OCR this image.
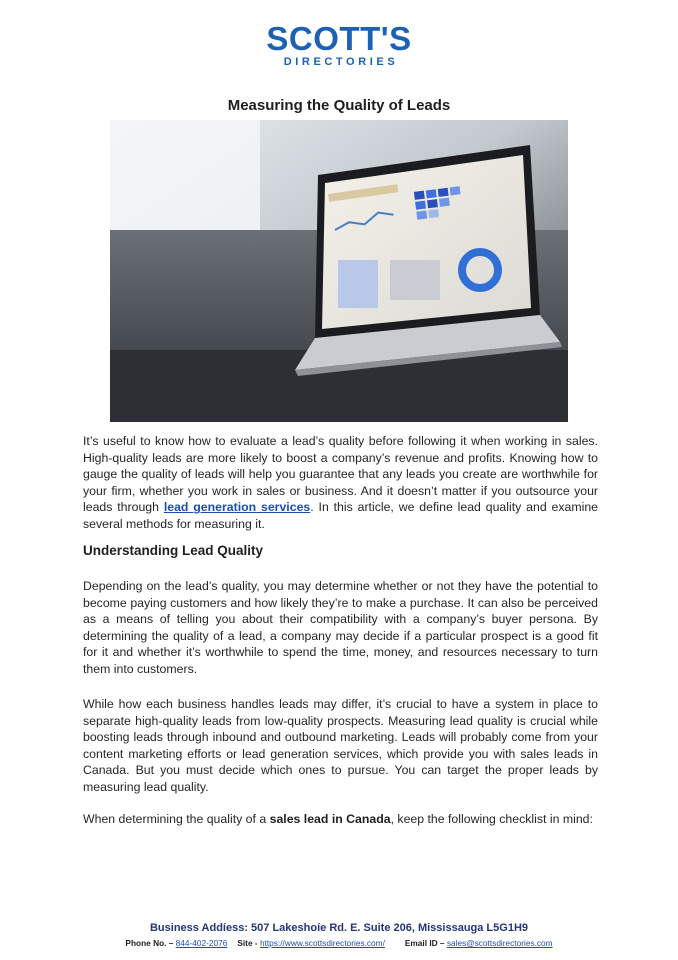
SCOTT'S
DIRECTORIES
Measuring the Quality of Leads
It’s useful to know how to evaluate a lead’s quality before following it when working in sales. High-quality leads are more likely to boost a company’s revenue and profits. Knowing how to gauge the quality of leads will help you guarantee that any leads you create are worthwhile for your firm, whether you work in sales or business. And it doesn’t matter if you outsource your leads through lead generation services. In this article, we define lead quality and examine several methods for measuring it.
Understanding Lead Quality
Depending on the lead’s quality, you may determine whether or not they have the potential to become paying customers and how likely they’re to make a purchase. It can also be perceived as a means of telling you about their compatibility with a company’s buyer persona. By determining the quality of a lead, a company may decide if a particular prospect is a good fit for it and whether it’s worthwhile to spend the time, money, and resources necessary to turn them into customers.
While how each business handles leads may differ, it’s crucial to have a system in place to separate high-quality leads from low-quality prospects. Measuring lead quality is crucial while boosting leads through inbound and outbound marketing. Leads will probably come from your content marketing efforts or lead generation services, which provide you with sales leads in Canada. But you must decide which ones to pursue. You can target the proper leads by measuring lead quality.
When determining the quality of a sales lead in Canada, keep the following checklist in mind:
Business Addíess: 507 Lakeshoíe Rd. E. Suite 206, Mississauga L5G1H9
Phone No. – 844-402-2076 Site - https://www.scottsdirectories.com/ Email ID – sales@scottsdirectories.com
